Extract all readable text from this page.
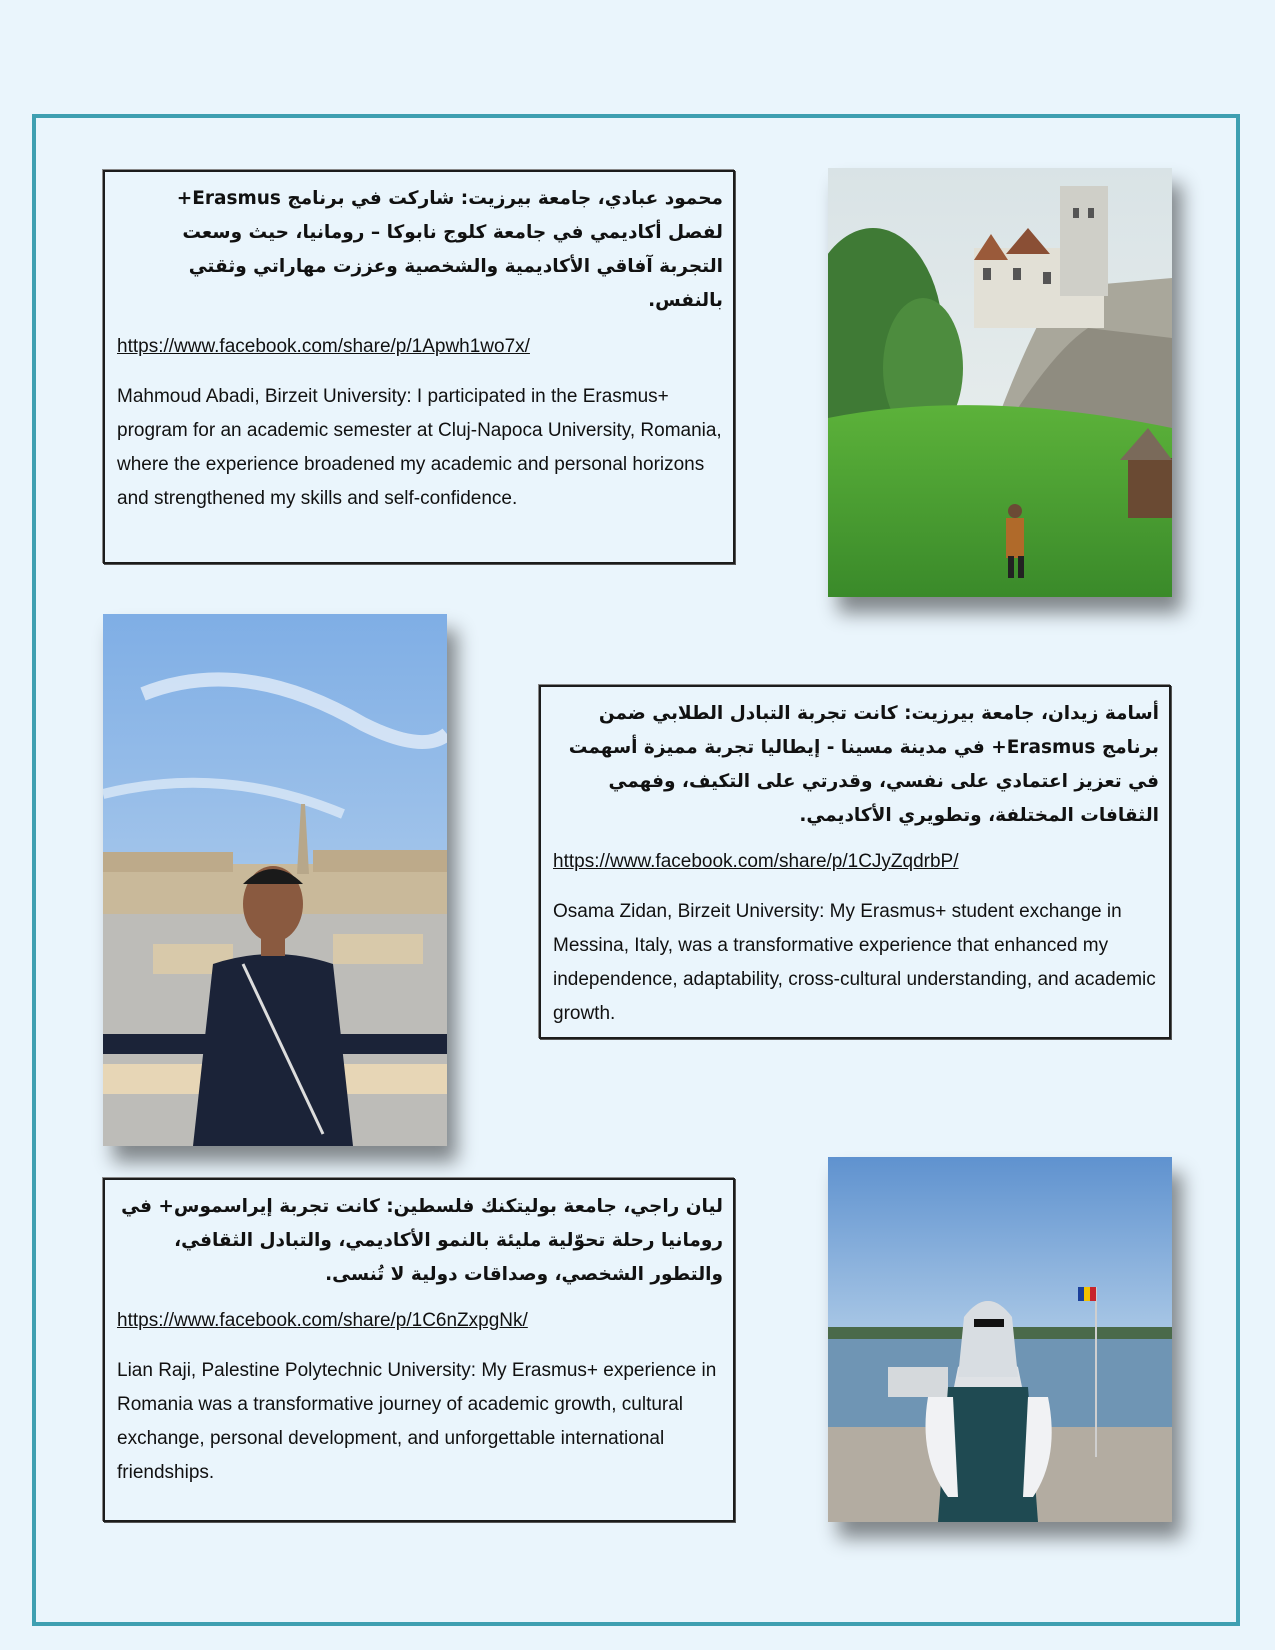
محمود عبادي، جامعة بيرزيت: شاركت في برنامج Erasmus+ لفصل أكاديمي في جامعة كلوج نابوكا – رومانيا، حيث وسعت التجربة آفاقي الأكاديمية والشخصية وعززت مهاراتي وثقتي بالنفس.

https://www.facebook.com/share/p/1Apwh1wo7x/

Mahmoud Abadi, Birzeit University: I participated in the Erasmus+ program for an academic semester at Cluj-Napoca University, Romania, where the experience broadened my academic and personal horizons and strengthened my skills and self-confidence.

أسامة زيدان، جامعة بيرزيت: كانت تجربة التبادل الطلابي ضمن برنامج Erasmus+ في مدينة مسينا - إيطاليا تجربة مميزة أسهمت في تعزيز اعتمادي على نفسي، وقدرتي على التكيف، وفهمي الثقافات المختلفة، وتطويري الأكاديمي.

https://www.facebook.com/share/p/1CJyZqdrbP/

Osama Zidan, Birzeit University: My Erasmus+ student exchange in Messina, Italy, was a transformative experience that enhanced my independence, adaptability, cross-cultural understanding, and academic growth.

ليان راجي، جامعة بوليتكنك فلسطين: كانت تجربة إيراسموس+ في رومانيا رحلة تحوّلية مليئة بالنمو الأكاديمي، والتبادل الثقافي، والتطور الشخصي، وصداقات دولية لا تُنسى.

https://www.facebook.com/share/p/1C6nZxpgNk/

Lian Raji, Palestine Polytechnic University: My Erasmus+ experience in Romania was a transformative journey of academic growth, cultural exchange, personal development, and unforgettable international friendships.
